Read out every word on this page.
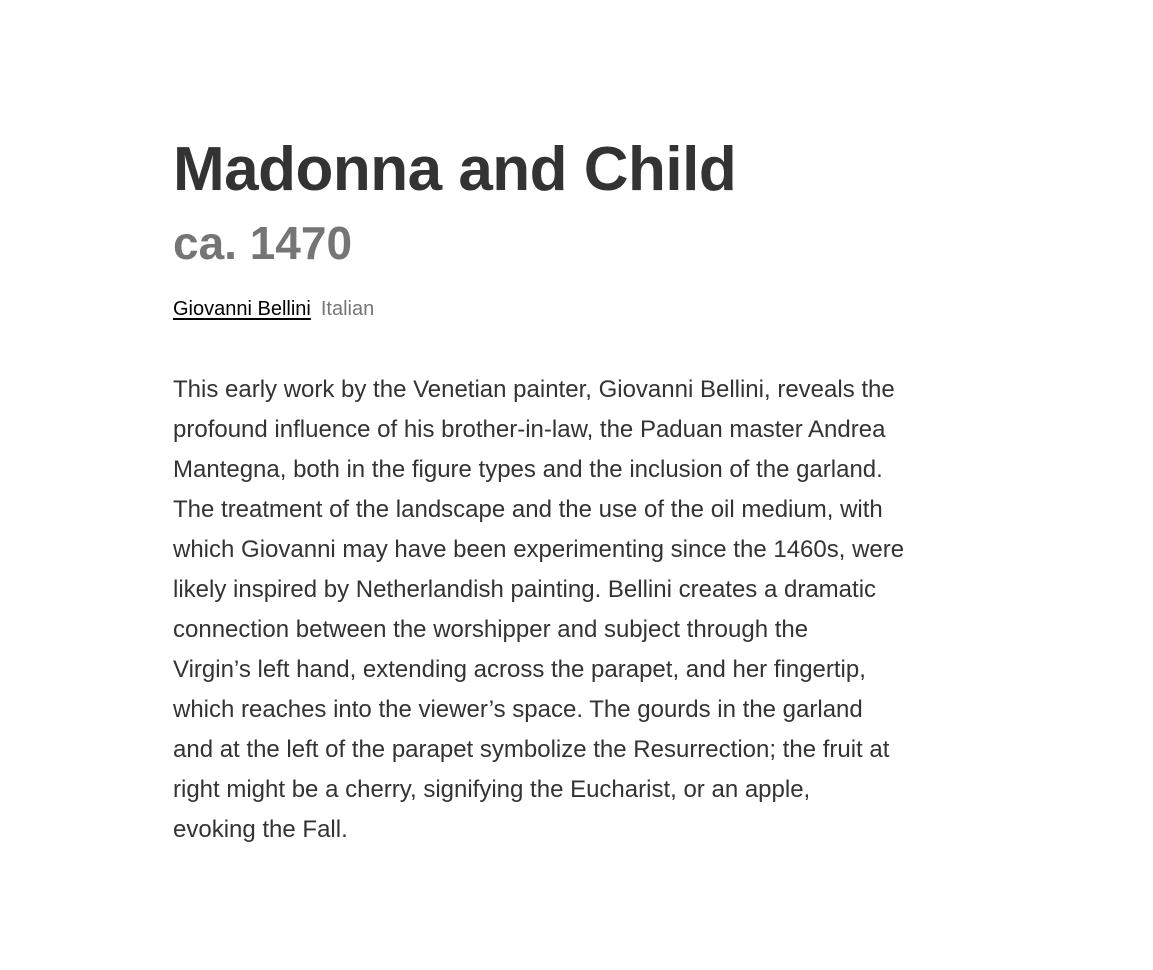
Madonna and Child
ca. 1470
Giovanni Bellini Italian

This early work by the Venetian painter, Giovanni Bellini, reveals the
profound influence of his brother-in-law, the Paduan master Andrea
Mantegna, both in the figure types and the inclusion of the garland.
The treatment of the landscape and the use of the oil medium, with
which Giovanni may have been experimenting since the 1460s, were
likely inspired by Netherlandish painting. Bellini creates a dramatic
connection between the worshipper and subject through the
Virgin’s left hand, extending across the parapet, and her fingertip,
which reaches into the viewer’s space. The gourds in the garland
and at the left of the parapet symbolize the Resurrection; the fruit at
right might be a cherry, signifying the Eucharist, or an apple,
evoking the Fall.
